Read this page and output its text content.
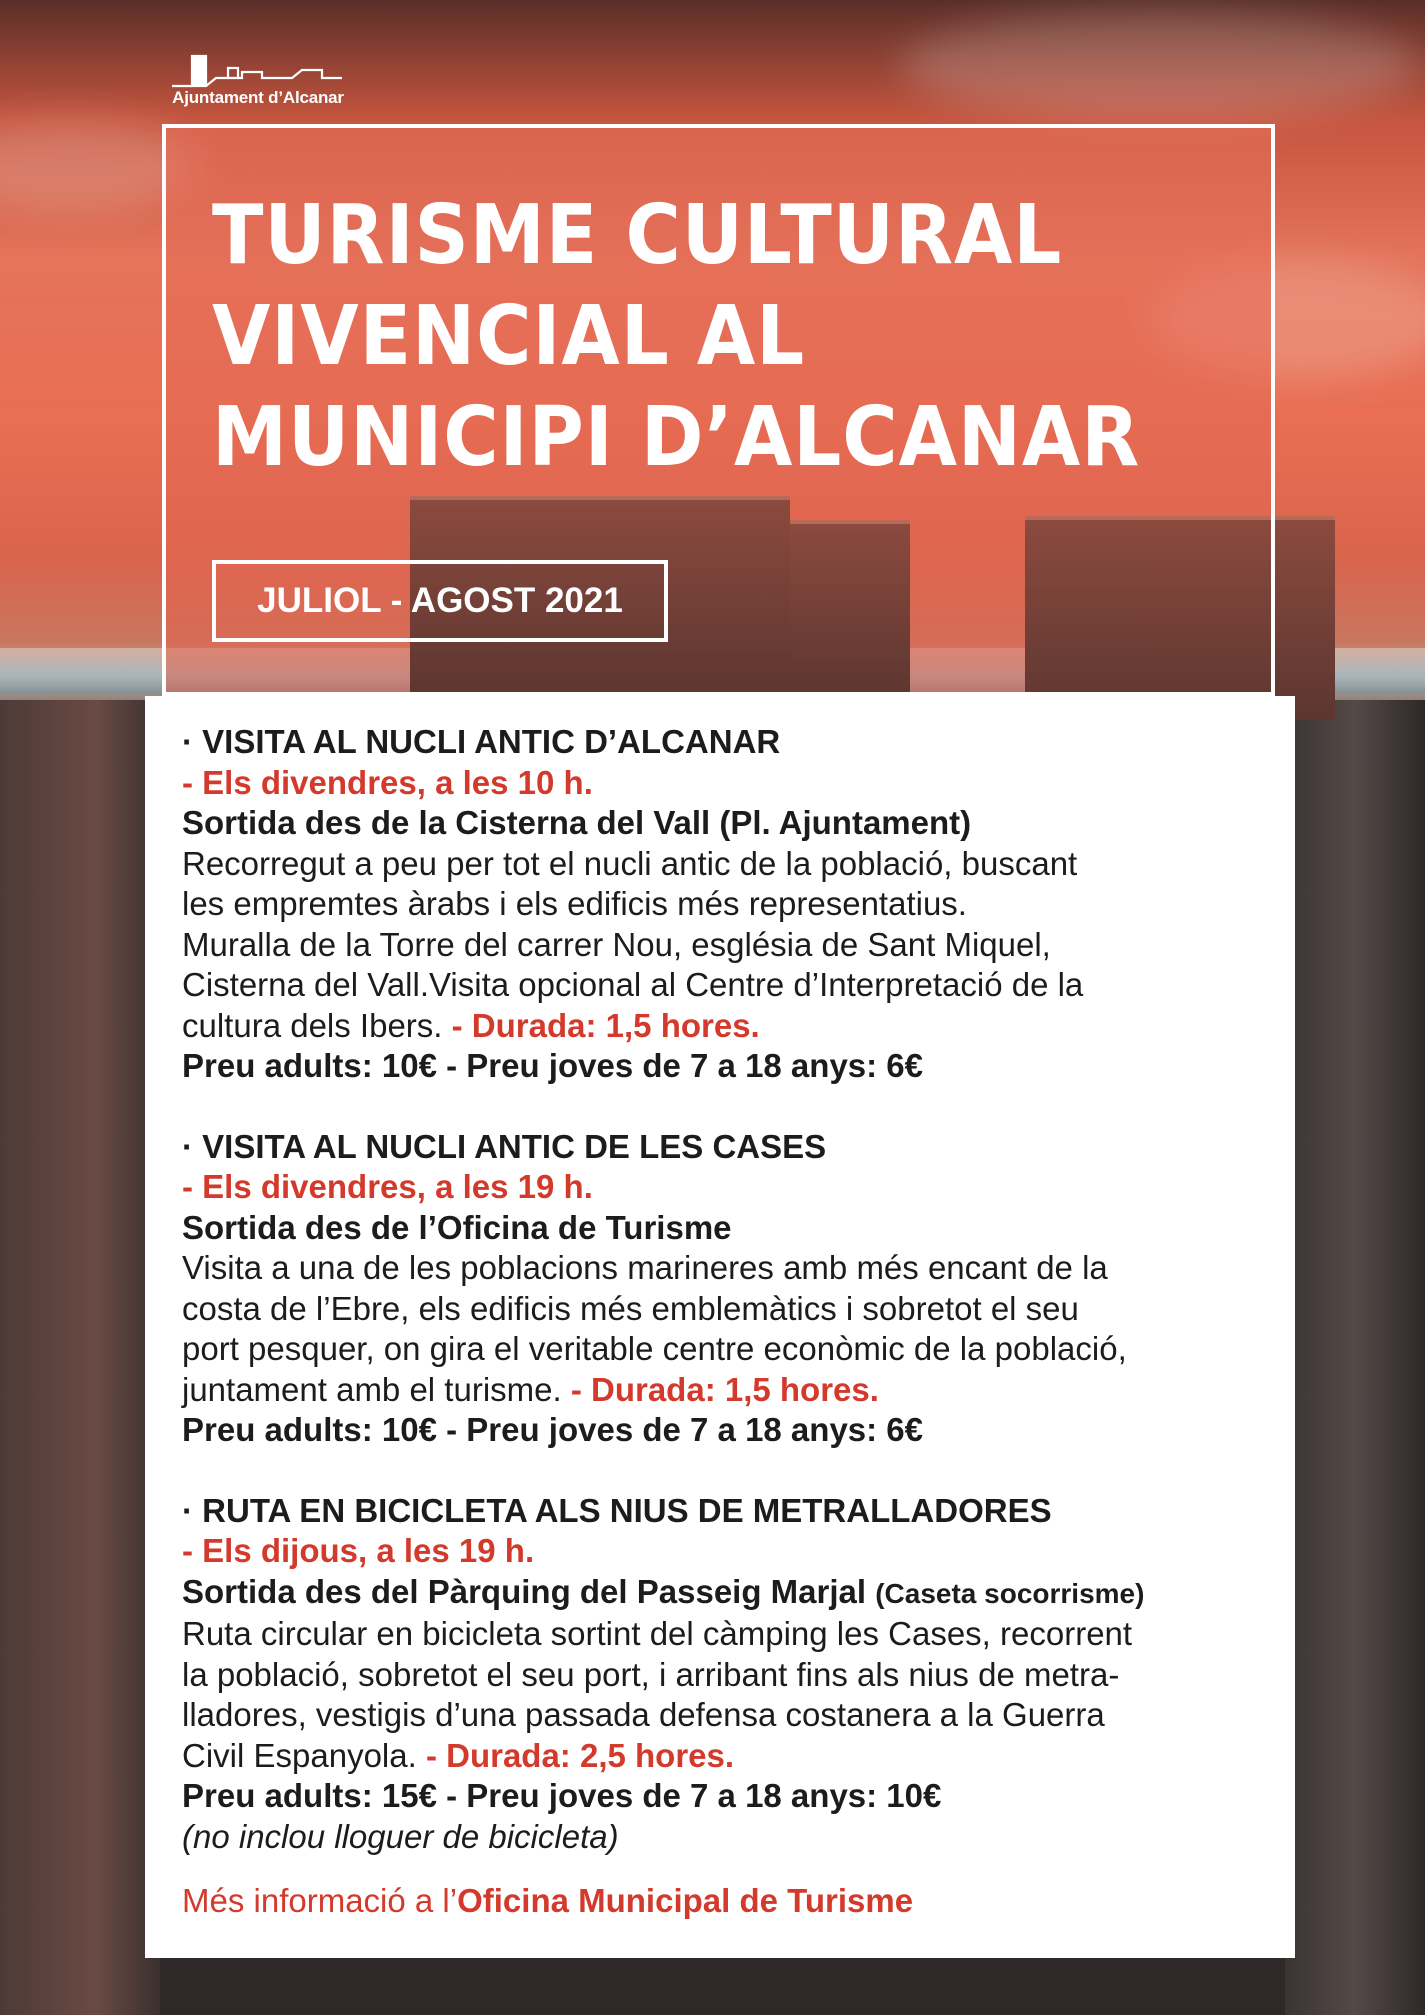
Ajuntament d’Alcanar
TURISME CULTURAL
VIVENCIAL AL
MUNICIPI D’ALCANAR
JULIOL - AGOST 2021
· VISITA AL NUCLI ANTIC D’ALCANAR
- Els divendres, a les 10 h.
Sortida des de la Cisterna del Vall (Pl. Ajuntament)
Recorregut a peu per tot el nucli antic de la població, buscant
les empremtes àrabs i els edificis més representatius.
Muralla de la Torre del carrer Nou, església de Sant Miquel,
Cisterna del Vall.Visita opcional al Centre d’Interpretació de la
cultura dels Ibers. - Durada: 1,5 hores.
Preu adults: 10€ - Preu joves de 7 a 18 anys: 6€
· VISITA AL NUCLI ANTIC DE LES CASES
- Els divendres, a les 19 h.
Sortida des de l’Oficina de Turisme
Visita a una de les poblacions marineres amb més encant de la
costa de l’Ebre, els edificis més emblemàtics i sobretot el seu
port pesquer, on gira el veritable centre econòmic de la població,
juntament amb el turisme. - Durada: 1,5 hores.
Preu adults: 10€ - Preu joves de 7 a 18 anys: 6€
· RUTA EN BICICLETA ALS NIUS DE METRALLADORES
- Els dijous, a les 19 h.
Sortida des del Pàrquing del Passeig Marjal (Caseta socorrisme)
Ruta circular en bicicleta sortint del càmping les Cases, recorrent
la població, sobretot el seu port, i arribant fins als nius de metra-
lladores, vestigis d’una passada defensa costanera a la Guerra
Civil Espanyola. - Durada: 2,5 hores.
Preu adults: 15€ - Preu joves de 7 a 18 anys: 10€
(no inclou lloguer de bicicleta)
Més informació a l’Oficina Municipal de Turisme
